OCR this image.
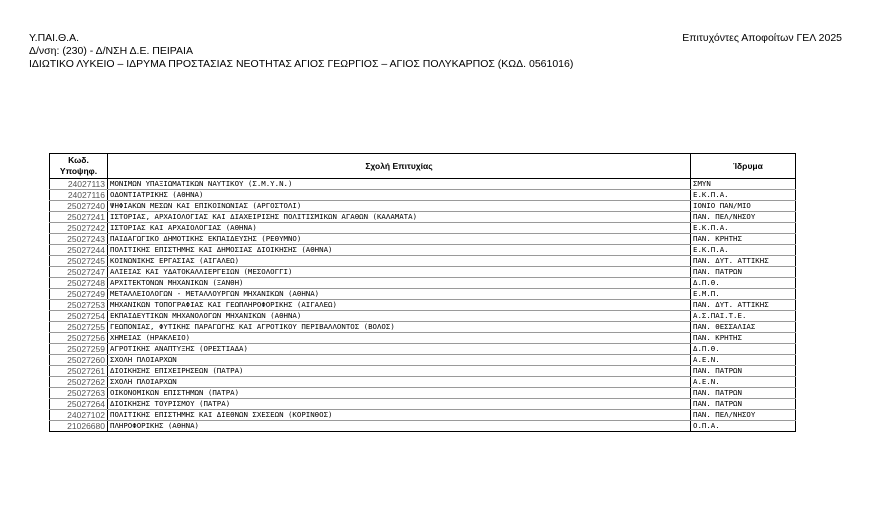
Υ.ΠΑΙ.Θ.Α.
Δ/νση: (230) - Δ/ΝΣΗ Δ.Ε. ΠΕΙΡΑΙΑ
ΙΔΙΩΤΙΚΟ ΛΥΚΕΙΟ – ΙΔΡΥΜΑ ΠΡΟΣΤΑΣΙΑΣ ΝΕΟΤΗΤΑΣ ΑΓΙΟΣ ΓΕΩΡΓΙΟΣ – ΑΓΙΟΣ ΠΟΛΥΚΑΡΠΟΣ (ΚΩΔ. 0561016)
Επιτυχόντες Αποφοίτων ΓΕΛ 2025
Κωδ.
Υποψηφ.	Σχολή Επιτυχίας	Ίδρυμα
24027113	ΜΟΝΙΜΩΝ ΥΠΑΞΙΩΜΑΤΙΚΩΝ ΝΑΥΤΙΚΟΥ (Σ.Μ.Υ.Ν.)	ΣΜΥΝ
24027116	ΟΔΟΝΤΙΑΤΡΙΚΗΣ (ΑΘΗΝΑ)	Ε.Κ.Π.Α.
25027240	ΨΗΦΙΑΚΩΝ ΜΕΣΩΝ ΚΑΙ ΕΠΙΚΟΙΝΩΝΙΑΣ (ΑΡΓΟΣΤΟΛΙ)	ΙΟΝΙΟ ΠΑΝ/ΜΙΟ
25027241	ΙΣΤΟΡΙΑΣ, ΑΡΧΑΙΟΛΟΓΙΑΣ ΚΑΙ ΔΙΑΧΕΙΡΙΣΗΣ ΠΟΛΙΤΙΣΜΙΚΩΝ ΑΓΑΘΩΝ (ΚΑΛΑΜΑΤΑ)	ΠΑΝ. ΠΕΛ/ΝΗΣΟΥ
25027242	ΙΣΤΟΡΙΑΣ ΚΑΙ ΑΡΧΑΙΟΛΟΓΙΑΣ (ΑΘΗΝΑ)	Ε.Κ.Π.Α.
25027243	ΠΑΙΔΑΓΩΓΙΚΟ ΔΗΜΟΤΙΚΗΣ ΕΚΠΑΙΔΕΥΣΗΣ (ΡΕΘΥΜΝΟ)	ΠΑΝ. ΚΡΗΤΗΣ
25027244	ΠΟΛΙΤΙΚΗΣ ΕΠΙΣΤΗΜΗΣ ΚΑΙ ΔΗΜΟΣΙΑΣ ΔΙΟΙΚΗΣΗΣ (ΑΘΗΝΑ)	Ε.Κ.Π.Α.
25027245	ΚΟΙΝΩΝΙΚΗΣ ΕΡΓΑΣΙΑΣ (ΑΙΓΑΛΕΩ)	ΠΑΝ. ΔΥΤ. ΑΤΤΙΚΗΣ
25027247	ΑΛΙΕΙΑΣ ΚΑΙ ΥΔΑΤΟΚΑΛΛΙΕΡΓΕΙΩΝ (ΜΕΣΟΛΟΓΓΙ)	ΠΑΝ. ΠΑΤΡΩΝ
25027248	ΑΡΧΙΤΕΚΤΟΝΩΝ ΜΗΧΑΝΙΚΩΝ (ΞΑΝΘΗ)	Δ.Π.Θ.
25027249	ΜΕΤΑΛΛΕΙΟΛΟΓΩΝ - ΜΕΤΑΛΛΟΥΡΓΩΝ ΜΗΧΑΝΙΚΩΝ (ΑΘΗΝΑ)	Ε.Μ.Π.
25027253	ΜΗΧΑΝΙΚΩΝ ΤΟΠΟΓΡΑΦΙΑΣ ΚΑΙ ΓΕΩΠΛΗΡΟΦΟΡΙΚΗΣ (ΑΙΓΑΛΕΩ)	ΠΑΝ. ΔΥΤ. ΑΤΤΙΚΗΣ
25027254	ΕΚΠΑΙΔΕΥΤΙΚΩΝ ΜΗΧΑΝΟΛΟΓΩΝ ΜΗΧΑΝΙΚΩΝ (ΑΘΗΝΑ)	Α.Σ.ΠΑΙ.Τ.Ε.
25027255	ΓΕΩΠΟΝΙΑΣ, ΦΥΤΙΚΗΣ ΠΑΡΑΓΩΓΗΣ ΚΑΙ ΑΓΡΟΤΙΚΟΥ ΠΕΡΙΒΑΛΛΟΝΤΟΣ (ΒΟΛΟΣ)	ΠΑΝ. ΘΕΣΣΑΛΙΑΣ
25027256	ΧΗΜΕΙΑΣ (ΗΡΑΚΛΕΙΟ)	ΠΑΝ. ΚΡΗΤΗΣ
25027259	ΑΓΡΟΤΙΚΗΣ ΑΝΑΠΤΥΞΗΣ (ΟΡΕΣΤΙΑΔΑ)	Δ.Π.Θ.
25027260	ΣΧΟΛΗ ΠΛΟΙΑΡΧΩΝ	Α.Ε.Ν.
25027261	ΔΙΟΙΚΗΣΗΣ ΕΠΙΧΕΙΡΗΣΕΩΝ (ΠΑΤΡΑ)	ΠΑΝ. ΠΑΤΡΩΝ
25027262	ΣΧΟΛΗ ΠΛΟΙΑΡΧΩΝ	Α.Ε.Ν.
25027263	ΟΙΚΟΝΟΜΙΚΩΝ ΕΠΙΣΤΗΜΩΝ (ΠΑΤΡΑ)	ΠΑΝ. ΠΑΤΡΩΝ
25027264	ΔΙΟΙΚΗΣΗΣ ΤΟΥΡΙΣΜΟΥ (ΠΑΤΡΑ)	ΠΑΝ. ΠΑΤΡΩΝ
24027102	ΠΟΛΙΤΙΚΗΣ ΕΠΙΣΤΗΜΗΣ ΚΑΙ ΔΙΕΘΝΩΝ ΣΧΕΣΕΩΝ (ΚΟΡΙΝΘΟΣ)	ΠΑΝ. ΠΕΛ/ΝΗΣΟΥ
21026680	ΠΛΗΡΟΦΟΡΙΚΗΣ (ΑΘΗΝΑ)	Ο.Π.Α.
